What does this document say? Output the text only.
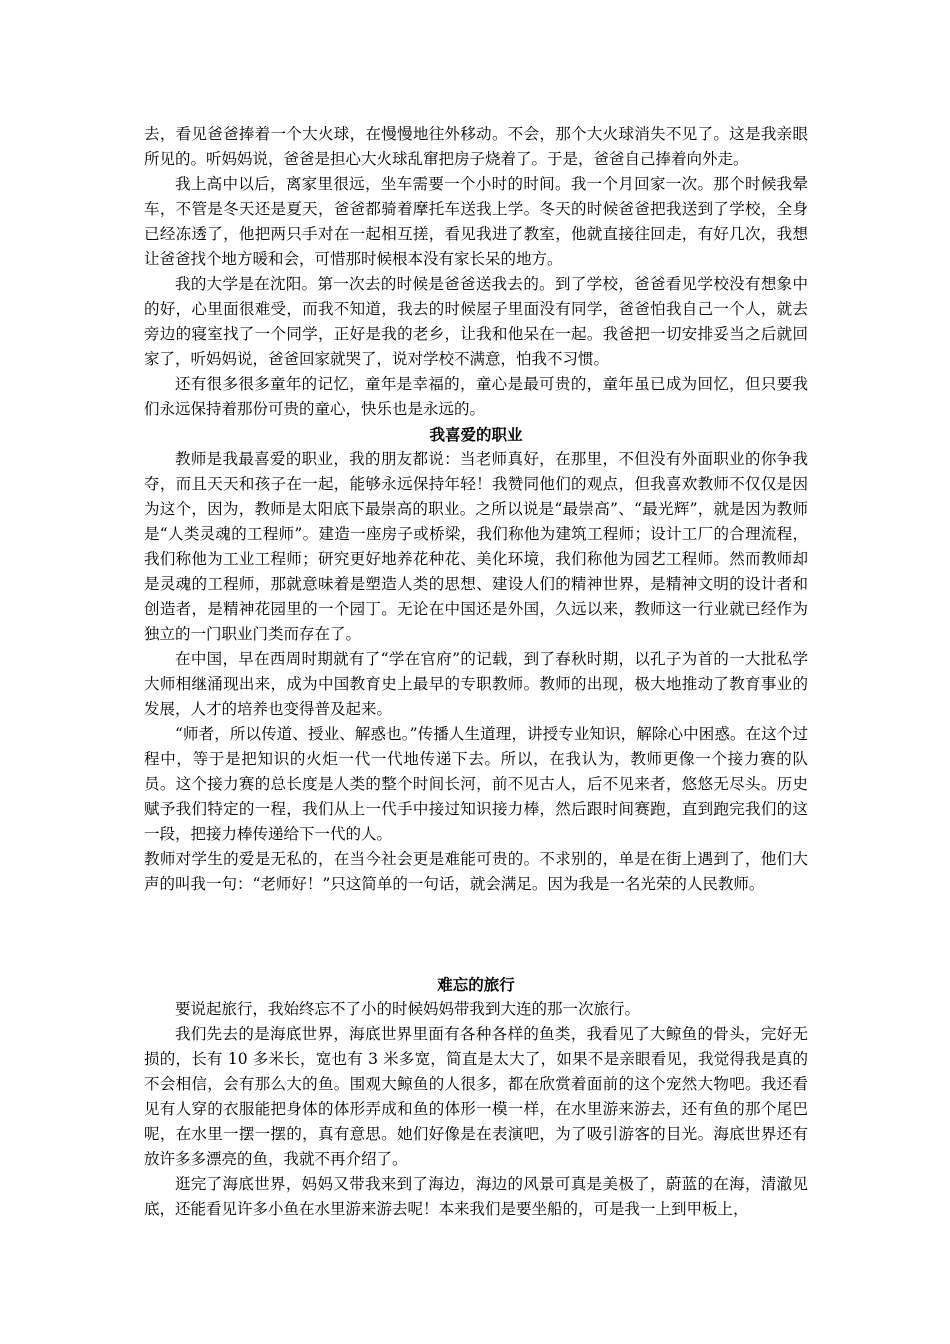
去，看见爸爸捧着一个大火球，在慢慢地往外移动。不会，那个大火球消失不见了。这是我亲眼所见的。听妈妈说，爸爸是担心大火球乱窜把房子烧着了。于是，爸爸自己捧着向外走。

我上高中以后，离家里很远，坐车需要一个小时的时间。我一个月回家一次。那个时候我晕车，不管是冬天还是夏天，爸爸都骑着摩托车送我上学。冬天的时候爸爸把我送到了学校，全身已经冻透了，他把两只手对在一起相互搓，看见我进了教室，他就直接往回走，有好几次，我想让爸爸找个地方暖和会，可惜那时候根本没有家长呆的地方。

我的大学是在沈阳。第一次去的时候是爸爸送我去的。到了学校，爸爸看见学校没有想象中的好，心里面很难受，而我不知道，我去的时候屋子里面没有同学，爸爸怕我自己一个人，就去旁边的寝室找了一个同学，正好是我的老乡，让我和他呆在一起。我爸把一切安排妥当之后就回家了，听妈妈说，爸爸回家就哭了，说对学校不满意，怕我不习惯。

还有很多很多童年的记忆，童年是幸福的，童心是最可贵的，童年虽已成为回忆，但只要我们永远保持着那份可贵的童心，快乐也是永远的。

我喜爱的职业

教师是我最喜爱的职业，我的朋友都说：当老师真好，在那里，不但没有外面职业的你争我夺，而且天天和孩子在一起，能够永远保持年轻！我赞同他们的观点，但我喜欢教师不仅仅是因为这个，因为，教师是太阳底下最崇高的职业。之所以说是“最崇高”、“最光辉”，就是因为教师是“人类灵魂的工程师”。建造一座房子或桥梁，我们称他为建筑工程师；设计工厂的合理流程，我们称他为工业工程师；研究更好地养花种花、美化环境，我们称他为园艺工程师。然而教师却是灵魂的工程师，那就意味着是塑造人类的思想、建设人们的精神世界，是精神文明的设计者和创造者，是精神花园里的一个园丁。无论在中国还是外国，久远以来，教师这一行业就已经作为独立的一门职业门类而存在了。

在中国，早在西周时期就有了“学在官府”的记载，到了春秋时期，以孔子为首的一大批私学大师相继涌现出来，成为中国教育史上最早的专职教师。教师的出现，极大地推动了教育事业的发展，人才的培养也变得普及起来。

“师者，所以传道、授业、解惑也。”传播人生道理，讲授专业知识，解除心中困惑。在这个过程中，等于是把知识的火炬一代一代地传递下去。所以，在我认为，教师更像一个接力赛的队员。这个接力赛的总长度是人类的整个时间长河，前不见古人，后不见来者，悠悠无尽头。历史赋予我们特定的一程，我们从上一代手中接过知识接力棒，然后跟时间赛跑，直到跑完我们的这一段，把接力棒传递给下一代的人。

教师对学生的爱是无私的，在当今社会更是难能可贵的。不求别的，单是在街上遇到了，他们大声的叫我一句：“老师好！”只这简单的一句话，就会满足。因为我是一名光荣的人民教师。

难忘的旅行

要说起旅行，我始终忘不了小的时候妈妈带我到大连的那一次旅行。

我们先去的是海底世界，海底世界里面有各种各样的鱼类，我看见了大鲸鱼的骨头，完好无损的，长有 10 多米长，宽也有 3 米多宽，简直是太大了，如果不是亲眼看见，我觉得我是真的不会相信，会有那么大的鱼。围观大鲸鱼的人很多，都在欣赏着面前的这个宠然大物吧。我还看见有人穿的衣服能把身体的体形弄成和鱼的体形一模一样，在水里游来游去，还有鱼的那个尾巴呢，在水里一摆一摆的，真有意思。她们好像是在表演吧，为了吸引游客的目光。海底世界还有放许多多漂亮的鱼，我就不再介绍了。

逛完了海底世界，妈妈又带我来到了海边，海边的风景可真是美极了，蔚蓝的在海，清澈见底，还能看见许多小鱼在水里游来游去呢！本来我们是要坐船的，可是我一上到甲板上，
